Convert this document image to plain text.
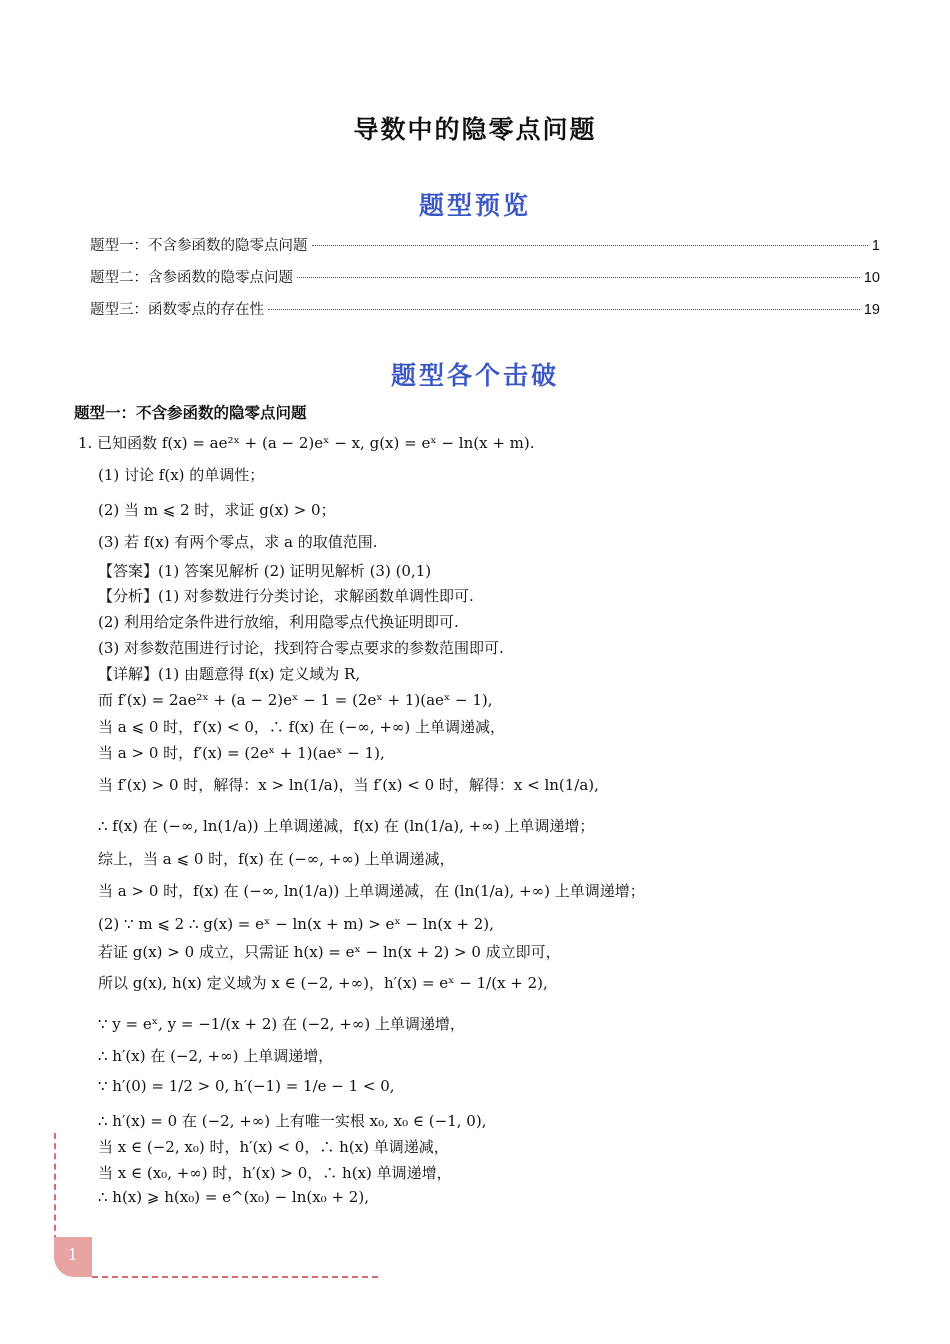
导数中的隐零点问题
题型预览
题型一：不含参函数的隐零点问题	1
题型二：含参函数的隐零点问题	10
题型三：函数零点的存在性	19
题型各个击破
题型一：不含参函数的隐零点问题
1. 已知函数 f(x) = ae²ˣ + (a − 2)eˣ − x, g(x) = eˣ − ln(x + m).
(1) 讨论 f(x) 的单调性；
(2) 当 m ⩽ 2 时，求证 g(x) > 0；
(3) 若 f(x) 有两个零点，求 a 的取值范围.
【答案】(1) 答案见解析 (2) 证明见解析 (3) (0,1)
【分析】(1) 对参数进行分类讨论，求解函数单调性即可.
(2) 利用给定条件进行放缩，利用隐零点代换证明即可.
(3) 对参数范围进行讨论，找到符合零点要求的参数范围即可.
【详解】(1) 由题意得 f(x) 定义域为 R,
而 f′(x) = 2ae²ˣ + (a − 2)eˣ − 1 = (2eˣ + 1)(aeˣ − 1),
当 a ⩽ 0 时，f′(x) < 0，∴ f(x) 在 (−∞, +∞) 上单调递减，
当 a > 0 时，f′(x) = (2eˣ + 1)(aeˣ − 1),
当 f′(x) > 0 时，解得：x > ln(1/a)，当 f′(x) < 0 时，解得：x < ln(1/a),
∴ f(x) 在 (−∞, ln(1/a)) 上单调递减，f(x) 在 (ln(1/a), +∞) 上单调递增；
综上，当 a ⩽ 0 时，f(x) 在 (−∞, +∞) 上单调递减，
当 a > 0 时，f(x) 在 (−∞, ln(1/a)) 上单调递减，在 (ln(1/a), +∞) 上单调递增；
(2) ∵ m ⩽ 2 ∴ g(x) = eˣ − ln(x + m) > eˣ − ln(x + 2),
若证 g(x) > 0 成立，只需证 h(x) = eˣ − ln(x + 2) > 0 成立即可，
所以 g(x), h(x) 定义域为 x ∈ (−2, +∞)，h′(x) = eˣ − 1/(x + 2),
∵ y = eˣ, y = −1/(x + 2) 在 (−2, +∞) 上单调递增，
∴ h′(x) 在 (−2, +∞) 上单调递增，
∵ h′(0) = 1/2 > 0, h′(−1) = 1/e − 1 < 0,
∴ h′(x) = 0 在 (−2, +∞) 上有唯一实根 x₀, x₀ ∈ (−1, 0),
当 x ∈ (−2, x₀) 时，h′(x) < 0，∴ h(x) 单调递减，
当 x ∈ (x₀, +∞) 时，h′(x) > 0，∴ h(x) 单调递增，
∴ h(x) ⩾ h(x₀) = e^(x₀) − ln(x₀ + 2),
1
